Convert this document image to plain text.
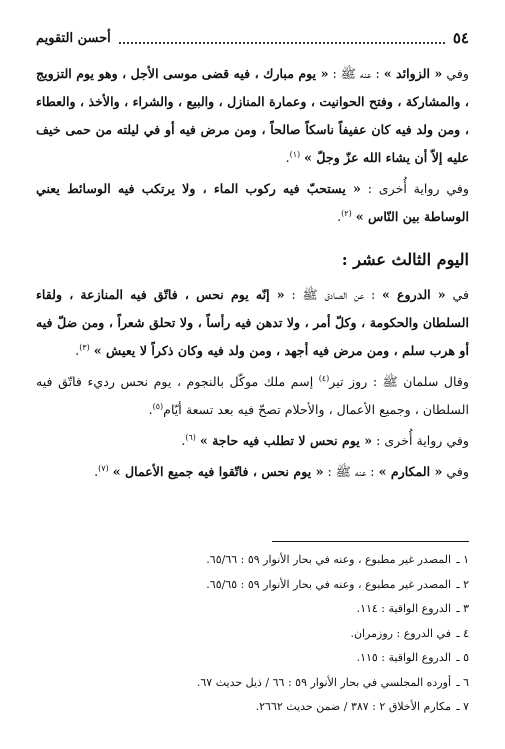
٥٤
أحسن التقويم

وفي « الزوائد » : عنه ﷺ : « يوم مبارك ، فيه قضى موسى الأجل ، وهو يوم التزويج ، والمشاركة ، وفتح الحوانيت ، وعمارة المنازل ، والبيع ، والشراء ، والأخذ ، والعطاء ، ومن ولد فيه كان عفيفاً ناسكاً صالحاً ، ومن مرض فيه أو في ليلته من حمى خيف عليه إلاّ أن يشاء الله عزّ وجلّ » $^{(١)}$.

وفي رواية أُخرى : « يستحبّ فيه ركوب الماء ، ولا يرتكب فيه الوسائط يعني الوساطة بين النّاس » $^{(٢)}$.

اليوم الثالث عشر :

في « الدروع » : عن الصادق ﷺ : « إنّه يوم نحس ، فاتّق فيه المنازعة ، ولقاء السلطان والحكومة ، وكلّ أمر ، ولا تدهن فيه رأساً ، ولا تحلق شعراً ، ومن ضلّ فيه أو هرب سلم ، ومن مرض فيه أجهد ، ومن ولد فيه وكان ذكراً لا يعيش » $^{(٣)}$.

وقال سلمان ﷺ : روز تير$^{(٤)}$ إسم ملك موكّل بالنجوم ، يوم نحس رديء فاتّق فيه السلطان ، وجميع الأعمال ، والأحلام تصحّ فيه بعد تسعة أيّام$^{(٥)}$.

وفي رواية أُخرى : « يوم نحس لا تطلب فيه حاجة » $^{(٦)}$.

وفي « المكارم » : عنه ﷺ : « يوم نحس ، فاتّقوا فيه جميع الأعمال » $^{(٧)}$.

١ ـ
المصدر غير مطبوع ، وعنه في بحار الأنوار ٥٩ : ٦٥/٦٦.
٢ ـ
المصدر غير مطبوع ، وعنه في بحار الأنوار ٥٩ : ٦٥/٦٥.
٣ ـ
الدروع الواقية : ١١٤.
٤ ـ
في الدروع : روزمران.
٥ ـ
الدروع الواقية : ١١٥.
٦ ـ
أورده المجلسي في بحار الأنوار ٥٩ : ٦٦ / ذيل حديث ٦٧.
٧ ـ
مكارم الأخلاق ٢ : ٣٨٧ / ضمن حديث ٢٦٦٢.
